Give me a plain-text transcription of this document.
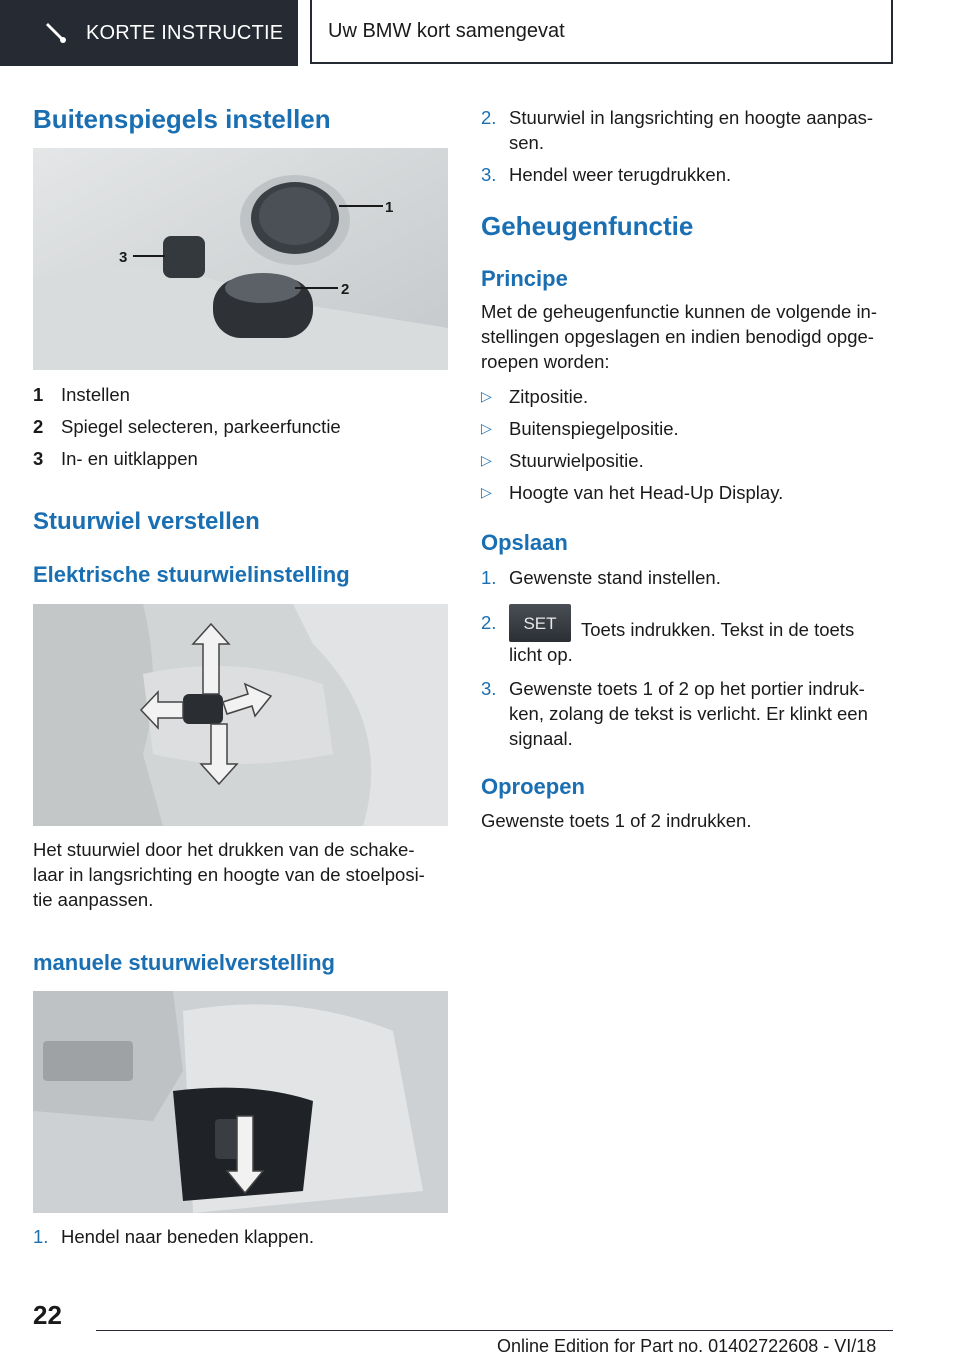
KORTE INSTRUCTIE Uw BMW kort samengevat
Buitenspiegels instellen
1
2
3
1 Instellen
2 Spiegel selecteren, parkeerfunctie
3 In- en uitklappen
Stuurwiel verstellen
Elektrische stuurwielinstelling
Het stuurwiel door het drukken van de schake-
laar in langsrichting en hoogte van de stoelposi-
tie aanpassen.
manuele stuurwielverstelling
1. Hendel naar beneden klappen.
2. Stuurwiel in langsrichting en hoogte aanpas-
sen.
3. Hendel weer terugdrukken.
Geheugenfunctie
Principe
Met de geheugenfunctie kunnen de volgende in-
stellingen opgeslagen en indien benodigd opge-
roepen worden:
▷ Zitpositie.
▷ Buitenspiegelpositie.
▷ Stuurwielpositie.
▷ Hoogte van het Head-Up Display.
Opslaan
1. Gewenste stand instellen.
2.	SET	Toets indrukken. Tekst in de toets
licht op.
3. Gewenste toets 1 of 2 op het portier indruk-
ken, zolang de tekst is verlicht. Er klinkt een
signaal.
Oproepen
Gewenste toets 1 of 2 indrukken.
22
Online Edition for Part no. 01402722608 - VI/18
